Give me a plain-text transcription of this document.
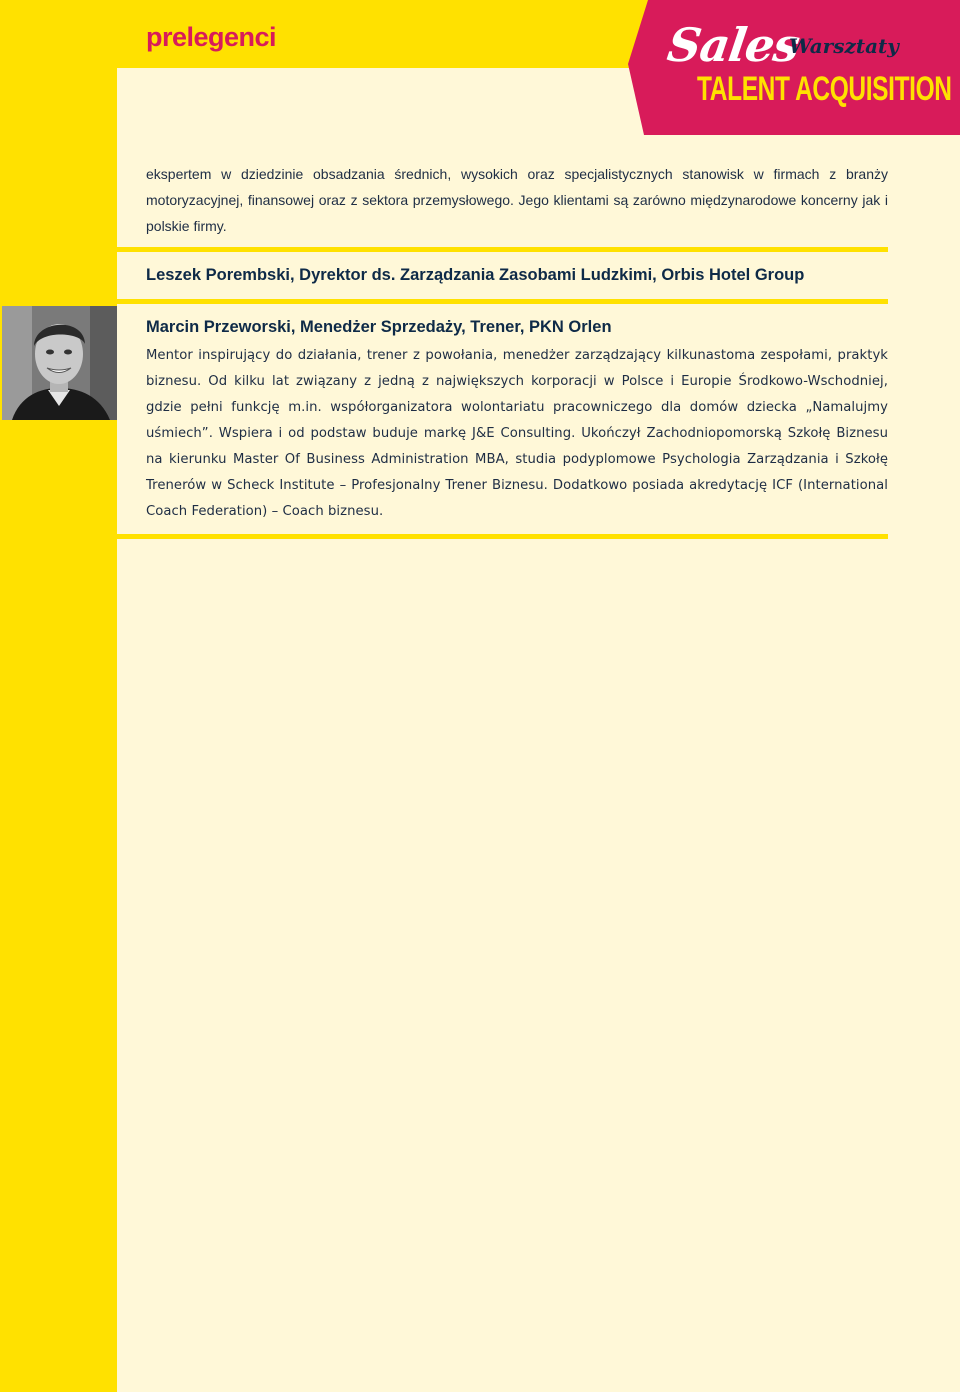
prelegenci	Sales
Warsztaty
TALENT ACQUISITION

ekspertem w dziedzinie obsadzania średnich, wysokich oraz specjalistycznych stanowisk w firmach z branży motoryzacyjnej, finansowej oraz z sektora przemysłowego. Jego klientami są zarówno międzynarodowe koncerny jak i polskie firmy.

Leszek Porembski, Dyrektor ds. Zarządzania Zasobami Ludzkimi, Orbis Hotel Group
Marcin Przeworski, Menedżer Sprzedaży, Trener, PKN Orlen

Mentor inspirujący do działania, trener z powołania, menedżer zarządzający kilkunastoma zespołami, praktyk biznesu. Od kilku lat związany z jedną z największych korporacji w Polsce i Europie Środkowo-Wschodniej, gdzie pełni funkcję m.in. współorganizatora wolontariatu pracowniczego dla domów dziecka „Namalujmy uśmiech”. Wspiera i od podstaw buduje markę J&E Consulting. Ukończył Zachodniopomorską Szkołę Biznesu na kierunku Master Of Business Administration MBA, studia podyplomowe Psychologia Zarządzania i Szkołę Trenerów w Scheck Institute – Profesjonalny Trener Biznesu. Dodatkowo posiada akredytację ICF (International Coach Federation) – Coach biznesu.
